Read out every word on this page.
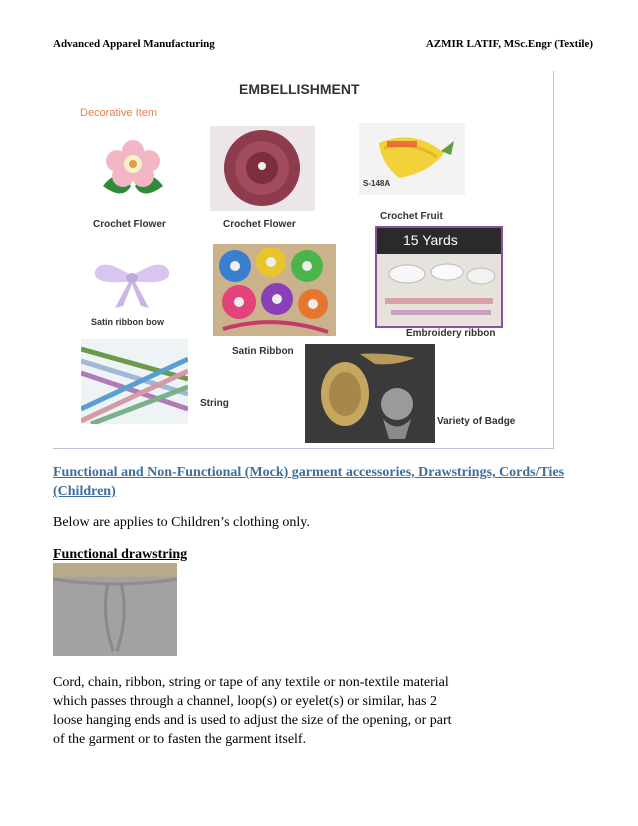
Advanced Apparel Manufacturing	AZMIR LATIF, MSc.Engr (Textile)
EMBELLISHMENT
Decorative Item
Crochet Flower	Crochet Flower
S-148A
Crochet Fruit
Satin ribbon bow
Satin Ribbon
15 Yards
Embroidery ribbon
String
Variety of Badge
Functional and Non-Functional (Mock) garment accessories, Drawstrings, Cords/Ties (Children)
Below are applies to Children’s clothing only.
Functional drawstring
Cord, chain, ribbon, string or tape of any textile or non-textile material
which passes through a channel, loop(s) or eyelet(s) or similar, has 2
loose hanging ends and is used to adjust the size of the opening, or part
of the garment or to fasten the garment itself.
